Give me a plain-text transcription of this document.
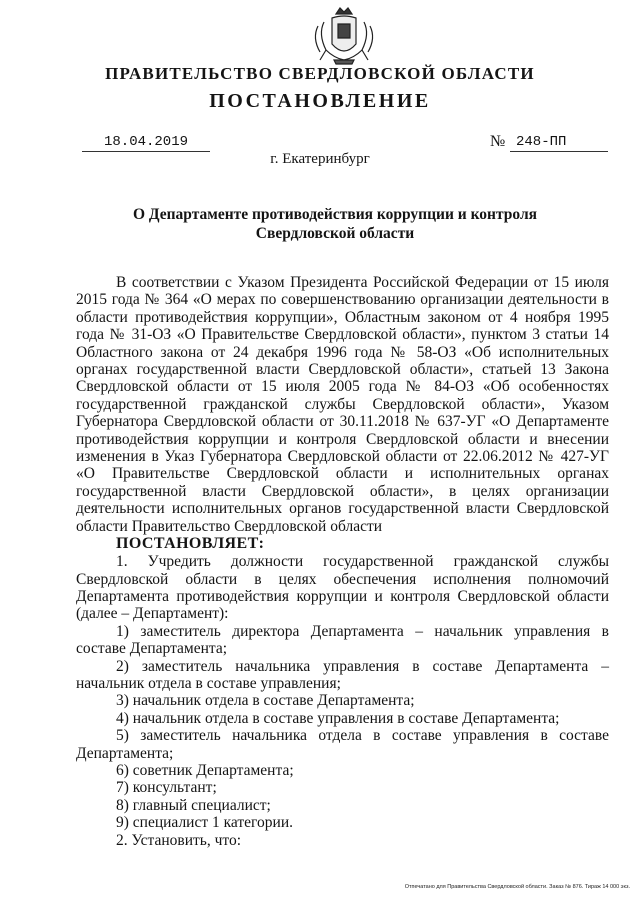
ПРАВИТЕЛЬСТВО СВЕРДЛОВСКОЙ ОБЛАСТИ
ПОСТАНОВЛЕНИЕ
18.04.2019	№ 248-ПП
г. Екатеринбург
О Департаменте противодействия коррупции и контроля
Свердловской области

В соответствии с Указом Президента Российской Федерации от 15 июля 2015 года № 364 «О мерах по совершенствованию организации деятельности в области противодействия коррупции», Областным законом от 4 ноября 1995 года № 31-ОЗ «О Правительстве Свердловской области», пунктом 3 статьи 14 Областного закона от 24 декабря 1996 года № 58-ОЗ «Об исполнительных органах государственной власти Свердловской области», статьей 13 Закона Свердловской области от 15 июля 2005 года № 84-ОЗ «Об особенностях государственной гражданской службы Свердловской области», Указом Губернатора Свердловской области от 30.11.2018 № 637-УГ «О Департаменте противодействия коррупции и контроля Свердловской области и внесении изменения в Указ Губернатора Свердловской области от 22.06.2012 № 427-УГ «О Правительстве Свердловской области и исполнительных органах государственной власти Свердловской области», в целях организации деятельности исполнительных органов государственной власти Свердловской области Правительство Свердловской области

ПОСТАНОВЛЯЕТ:

1. Учредить должности государственной гражданской службы Свердловской области в целях обеспечения исполнения полномочий Департамента противодействия коррупции и контроля Свердловской области (далее – Департамент):

1) заместитель директора Департамента – начальник управления в составе Департамента;

2) заместитель начальника управления в составе Департамента – начальник отдела в составе управления;

3) начальник отдела в составе Департамента;

4) начальник отдела в составе управления в составе Департамента;

5) заместитель начальника отдела в составе управления в составе Департамента;

6) советник Департамента;

7) консультант;

8) главный специалист;

9) специалист 1 категории.

2. Установить, что:

Отпечатано для Правительства Свердловской области. Заказ № 876. Тираж 14 000 экз.
